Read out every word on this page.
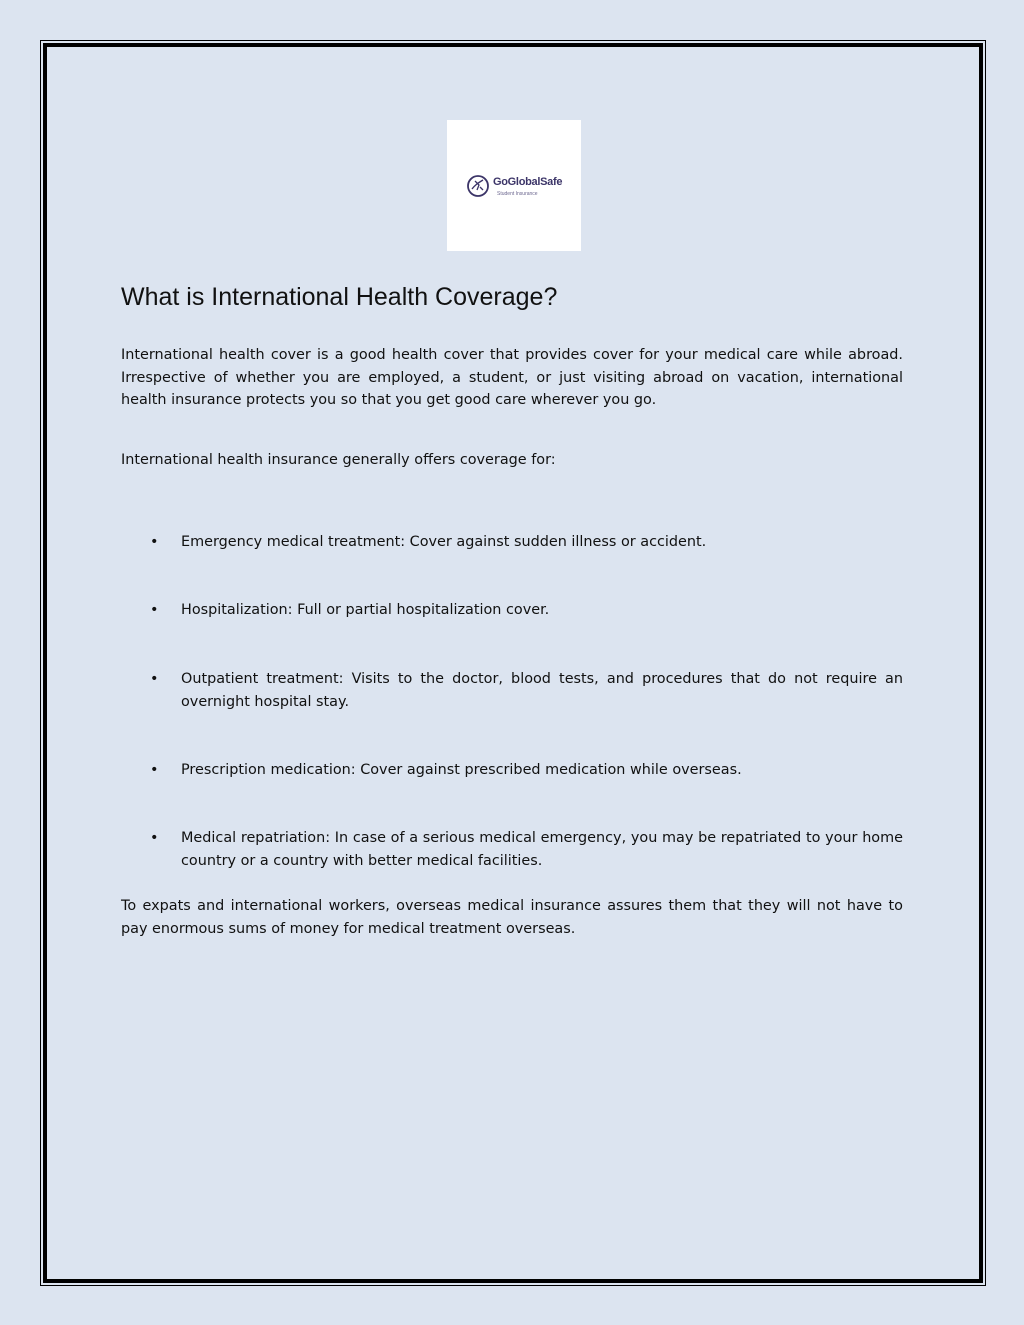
GoGlobalSafe
Student Insurance
What is International Health Coverage?

International health cover is a good health cover that provides cover for your medical care while abroad. Irrespective of whether you are employed, a student, or just visiting abroad on vacation, international health insurance protects you so that you get good care wherever you go.

International health insurance generally offers coverage for:

• Emergency medical treatment: Cover against sudden illness or accident.
• Hospitalization: Full or partial hospitalization cover.
• Outpatient treatment: Visits to the doctor, blood tests, and procedures that do not require an overnight hospital stay.
• Prescription medication: Cover against prescribed medication while overseas.
• Medical repatriation: In case of a serious medical emergency, you may be repatriated to your home country or a country with better medical facilities.

To expats and international workers, overseas medical insurance assures them that they will not have to pay enormous sums of money for medical treatment overseas.
